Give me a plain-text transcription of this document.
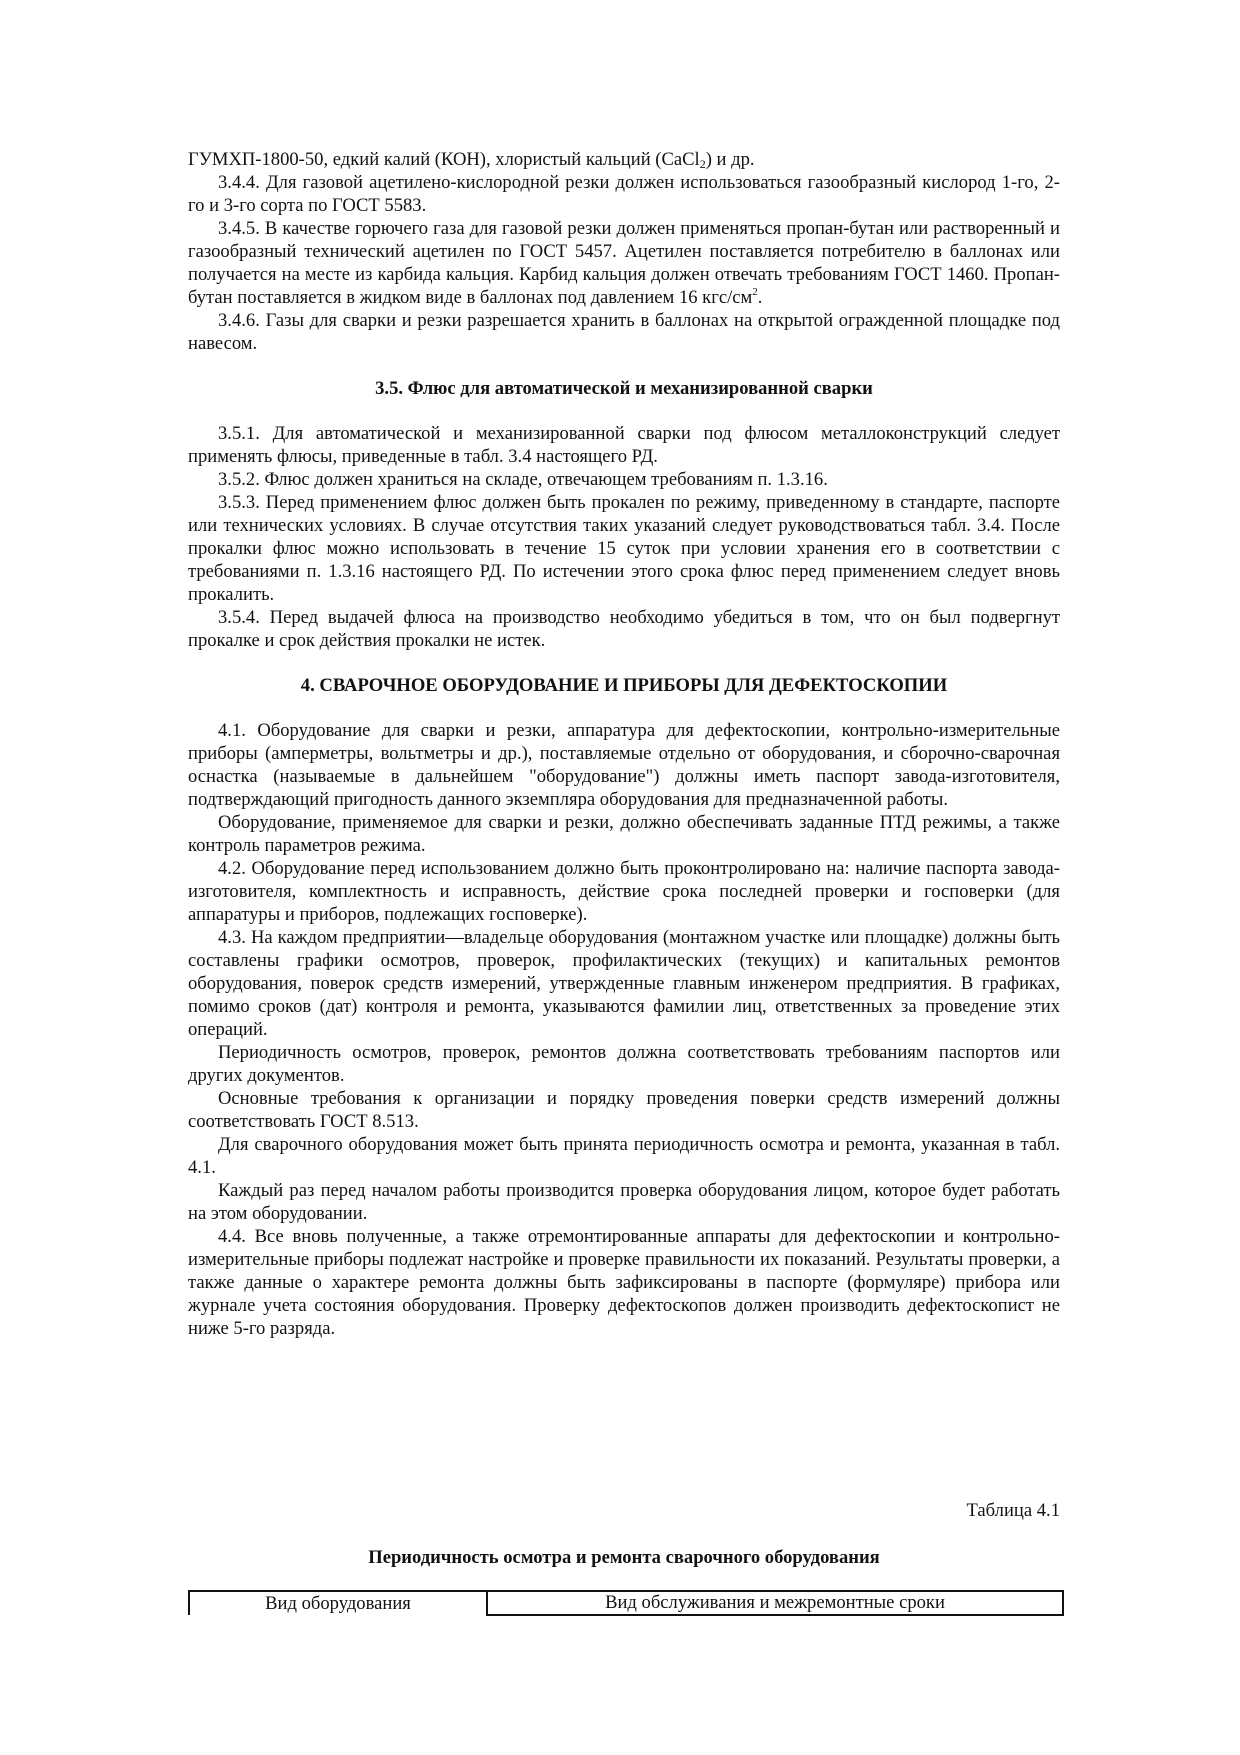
ГУМХП-1800-50, едкий калий (КОН), хлористый кальций (CaCl$_2$) и др.

3.4.4. Для газовой ацетилено-кислородной резки должен использоваться газообразный кислород 1-го, 2-го и 3-го сорта по ГОСТ 5583.

3.4.5. В качестве горючего газа для газовой резки должен применяться пропан-бутан или растворенный и газообразный технический ацетилен по ГОСТ 5457. Ацетилен поставляется потребителю в баллонах или получается на месте из карбида кальция. Карбид кальция должен отвечать требованиям ГОСТ 1460. Пропан-бутан поставляется в жидком виде в баллонах под давлением 16 кгс/$см^2$.

3.4.6. Газы для сварки и резки разрешается хранить в баллонах на открытой огражденной площадке под навесом.

3.5. Флюс для автоматической и механизированной сварки

3.5.1. Для автоматической и механизированной сварки под флюсом металлоконструкций следует применять флюсы, приведенные в табл. 3.4 настоящего РД.

3.5.2. Флюс должен храниться на складе, отвечающем требованиям п. 1.3.16.

3.5.3. Перед применением флюс должен быть прокален по режиму, приведенному в стандарте, паспорте или технических условиях. В случае отсутствия таких указаний следует руководствоваться табл. 3.4. После прокалки флюс можно использовать в течение 15 суток при условии хранения его в соответствии с требованиями п. 1.3.16 настоящего РД. По истечении этого срока флюс перед применением следует вновь прокалить.

3.5.4. Перед выдачей флюса на производство необходимо убедиться в том, что он был подвергнут прокалке и срок действия прокалки не истек.

4. СВАРОЧНОЕ ОБОРУДОВАНИЕ И ПРИБОРЫ ДЛЯ ДЕФЕКТОСКОПИИ

4.1. Оборудование для сварки и резки, аппаратура для дефектоскопии, контрольно-измерительные приборы (амперметры, вольтметры и др.), поставляемые отдельно от оборудования, и сборочно-сварочная оснастка (называемые в дальнейшем "оборудование") должны иметь паспорт завода-изготовителя, подтверждающий пригодность данного экземпляра оборудования для предназначенной работы.

Оборудование, применяемое для сварки и резки, должно обеспечивать заданные ПТД режимы, а также контроль параметров режима.

4.2. Оборудование перед использованием должно быть проконтролировано на: наличие паспорта завода-изготовителя, комплектность и исправность, действие срока последней проверки и госповерки (для аппаратуры и приборов, подлежащих госповерке).

4.3. На каждом предприятии—владельце оборудования (монтажном участке или площадке) должны быть составлены графики осмотров, проверок, профилактических (текущих) и капитальных ремонтов оборудования, поверок средств измерений, утвержденные главным инженером предприятия. В графиках, помимо сроков (дат) контроля и ремонта, указываются фамилии лиц, ответственных за проведение этих операций.

Периодичность осмотров, проверок, ремонтов должна соответствовать требованиям паспортов или других документов.

Основные требования к организации и порядку проведения поверки средств измерений должны соответствовать ГОСТ 8.513.

Для сварочного оборудования может быть принята периодичность осмотра и ремонта, указанная в табл. 4.1.

Каждый раз перед началом работы производится проверка оборудования лицом, которое будет работать на этом оборудовании.

4.4. Все вновь полученные, а также отремонтированные аппараты для дефектоскопии и контрольно-измерительные приборы подлежат настройке и проверке правильности их показаний. Результаты проверки, а также данные о характере ремонта должны быть зафиксированы в паспорте (формуляре) прибора или журнале учета состояния оборудования. Проверку дефектоскопов должен производить дефектоскопист не ниже 5-го разряда.

Таблица 4.1
Периодичность осмотра и ремонта сварочного оборудования
Вид оборудования	Вид обслуживания и межремонтные сроки
